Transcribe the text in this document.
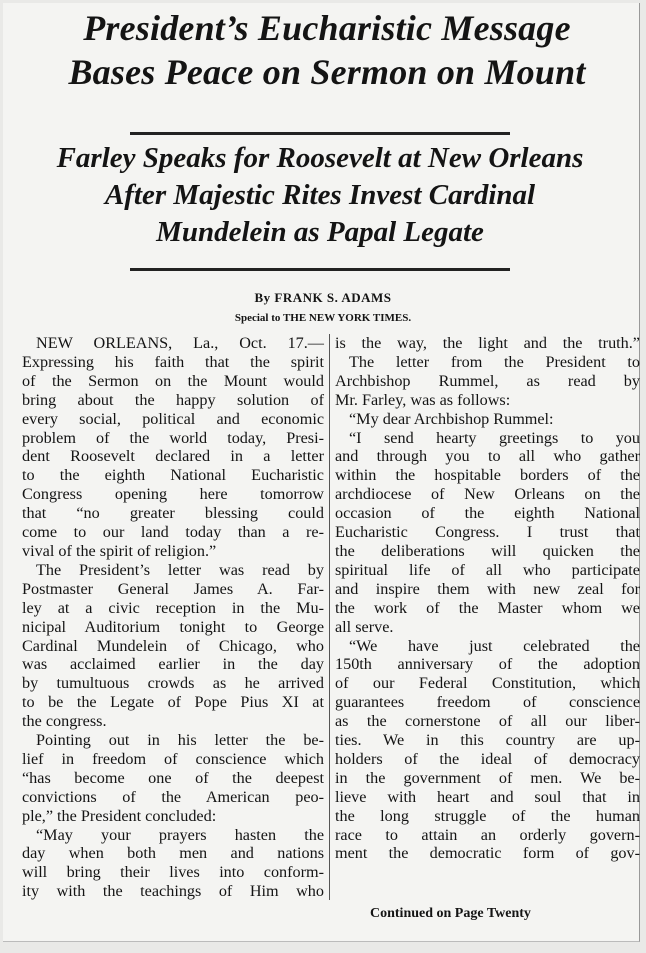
President’s Eucharistic Message
Bases Peace on Sermon on Mount
Farley Speaks for Roosevelt at New Orleans
After Majestic Rites Invest Cardinal
Mundelein as Papal Legate
By FRANK S. ADAMS
Special to THE NEW YORK TIMES.

NEW ORLEANS, La., Oct. 17.—

Expressing his faith that the spirit

of the Sermon on the Mount would

bring about the happy solution of

every social, political and economic

problem of the world today, Presi-

dent Roosevelt declared in a letter

to the eighth National Eucharistic

Congress opening here tomorrow

that “no greater blessing could

come to our land today than a re-

vival of the spirit of religion.”

The President’s letter was read by

Postmaster General James A. Far-

ley at a civic reception in the Mu-

nicipal Auditorium tonight to George

Cardinal Mundelein of Chicago, who

was acclaimed earlier in the day

by tumultuous crowds as he arrived

to be the Legate of Pope Pius XI at

the congress.

Pointing out in his letter the be-

lief in freedom of conscience which

“has become one of the deepest

convictions of the American peo-

ple,” the President concluded:

“May your prayers hasten the

day when both men and nations

will bring their lives into conform-

ity with the teachings of Him who

is the way, the light and the truth.”

The letter from the President to

Archbishop Rummel, as read by

Mr. Farley, was as follows:

“My dear Archbishop Rummel:

“I send hearty greetings to you

and through you to all who gather

within the hospitable borders of the

archdiocese of New Orleans on the

occasion of the eighth National

Eucharistic Congress. I trust that

the deliberations will quicken the

spiritual life of all who participate

and inspire them with new zeal for

the work of the Master whom we

all serve.

“We have just celebrated the

150th anniversary of the adoption

of our Federal Constitution, which

guarantees freedom of conscience

as the cornerstone of all our liber-

ties. We in this country are up-

holders of the ideal of democracy

in the government of men. We be-

lieve with heart and soul that in

the long struggle of the human

race to attain an orderly govern-

ment the democratic form of gov-

Continued on Page Twenty
